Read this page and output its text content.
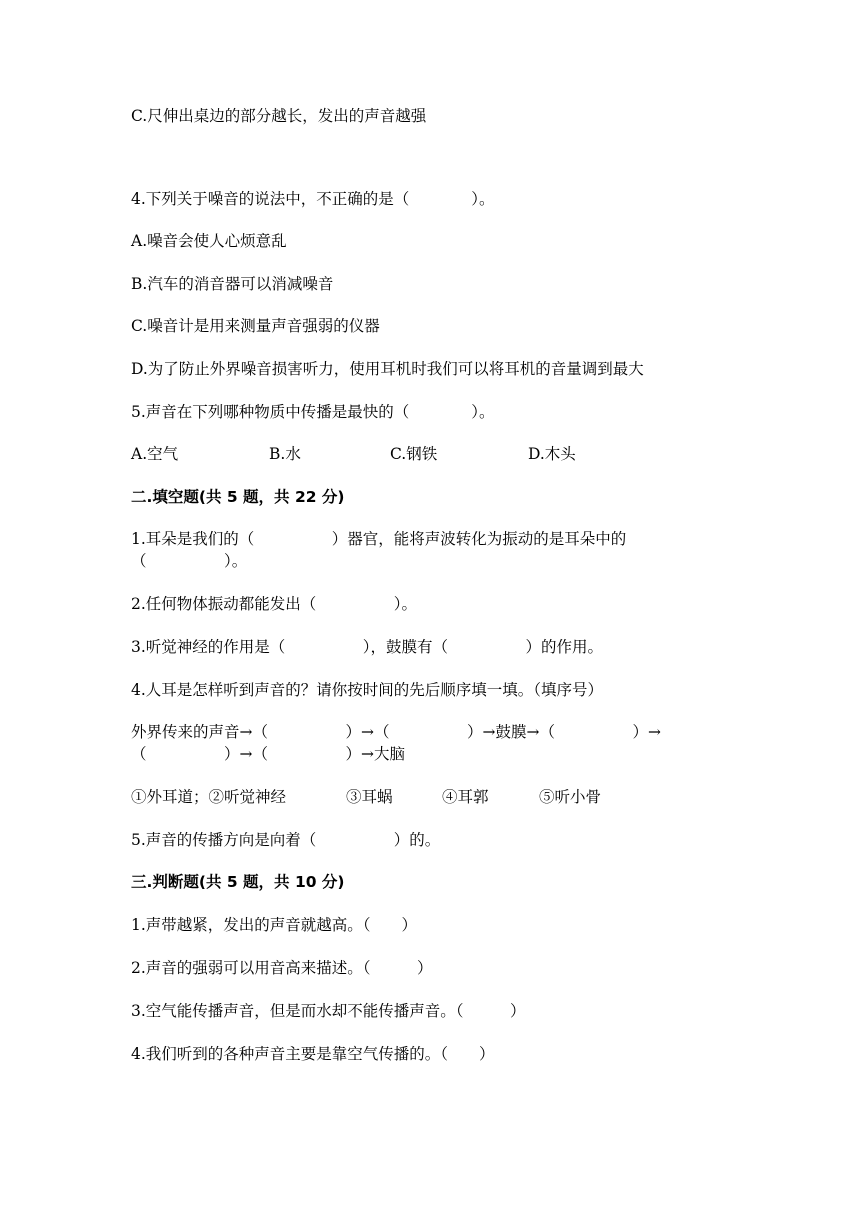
C.尺伸出桌边的部分越长，发出的声音越强
4.下列关于噪音的说法中，不正确的是（　　　　）。
A.噪音会使人心烦意乱
B.汽车的消音器可以消减噪音
C.噪音计是用来测量声音强弱的仪器
D.为了防止外界噪音损害听力，使用耳机时我们可以将耳机的音量调到最大
5.声音在下列哪种物质中传播是最快的（　　　　）。
A.空气	B.水	C.钢铁	D.木头
二.填空题(共 5 题，共 22 分)
1.耳朵是我们的（　　　　　）器官，能将声波转化为振动的是耳朵中的
（　　　　　）。
2.任何物体振动都能发出（　　　　　）。
3.听觉神经的作用是（　　　　　），鼓膜有（　　　　　）的作用。
4.人耳是怎样听到声音的？请你按时间的先后顺序填一填。（填序号）
外界传来的声音→（　　　　　）→（　　　　　）→鼓膜→（　　　　　）→
（　　　　　）→（　　　　　）→大脑
①外耳道；②听觉神经	③耳蜗	④耳郭	⑤听小骨
5.声音的传播方向是向着（　　　　　）的。
三.判断题(共 5 题，共 10 分)
1.声带越紧，发出的声音就越高。（　　）
2.声音的强弱可以用音高来描述。（　　　）
3.空气能传播声音，但是而水却不能传播声音。（　　　）
4.我们听到的各种声音主要是靠空气传播的。（　　）
